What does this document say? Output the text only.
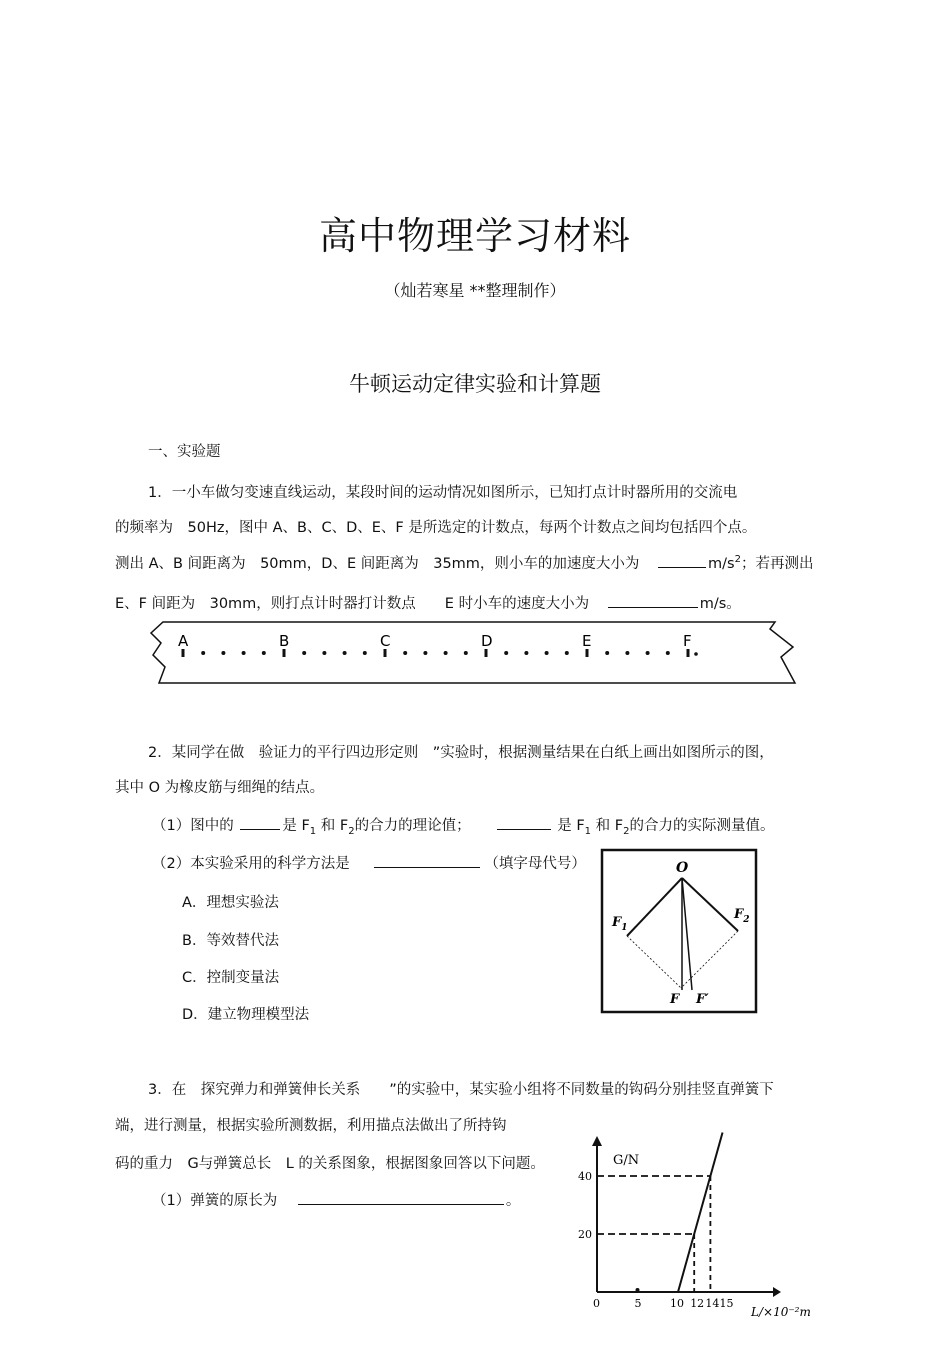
高中物理学习材料
（灿若寒星 **整理制作）
牛顿运动定律实验和计算题
一、实验题
1．一小车做匀变速直线运动，某段时间的运动情况如图所示，已知打点计时器所用的交流电
的频率为　50Hz，图中 A、B、C、D、E、F 是所选定的计数点，每两个计数点之间均包括四个点。
测出 A、B 间距离为　50mm，D、E 间距离为　35mm，则小车的加速度大小为	$m/s^2$；若再测出
E、F 间距为　30mm，则打点计时器打计数点　　E 时小车的速度大小为	m/s。
A	B	C	D	E	F
2．某同学在做　验证力的平行四边形定则　”实验时，根据测量结果在白纸上画出如图所示的图，
其中 O 为橡皮筋与细绳的结点。
（1）图中的	是 $F_1$ 和 $F_2$的合力的理论值；	是 $F_1$ 和 $F_2$的合力的实际测量值。
（2）本实验采用的科学方法是	（填字母代号）
A．理想实验法
B．等效替代法
C．控制变量法
D．建立物理模型法
O
$F_1$
$F_2$
F F′
3．在　探究弹力和弹簧伸长关系　　”的实验中，某实验小组将不同数量的钩码分别挂竖直弹簧下
端，进行测量，根据实验所测数据，利用描点法做出了所持钩
码的重力　G与弹簧总长　L 的关系图象，根据图象回答以下问题。
（1）弹簧的原长为	。
0	5	10 12 14 15
20
40
G/N
L/×10⁻²m
